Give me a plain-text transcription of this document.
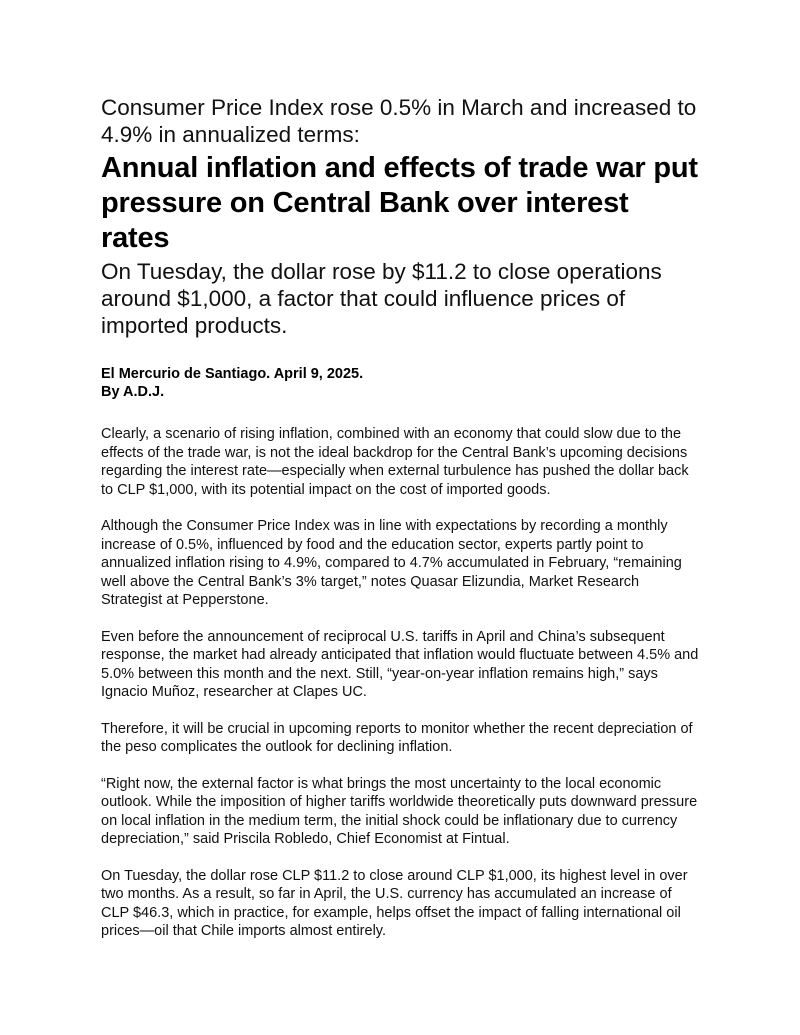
Consumer Price Index rose 0.5% in March and increased to 4.9% in annualized terms:

Annual inflation and effects of trade war put pressure on Central Bank over interest rates

On Tuesday, the dollar rose by $11.2 to close operations around $1,000, a factor that could influence prices of imported products.

El Mercurio de Santiago. April 9, 2025.
By A.D.J.

Clearly, a scenario of rising inflation, combined with an economy that could slow due to the effects of the trade war, is not the ideal backdrop for the Central Bank’s upcoming decisions regarding the interest rate—especially when external turbulence has pushed the dollar back to CLP $1,000, with its potential impact on the cost of imported goods.

Although the Consumer Price Index was in line with expectations by recording a monthly increase of 0.5%, influenced by food and the education sector, experts partly point to annualized inflation rising to 4.9%, compared to 4.7% accumulated in February, “remaining well above the Central Bank’s 3% target,” notes Quasar Elizundia, Market Research Strategist at Pepperstone.

Even before the announcement of reciprocal U.S. tariffs in April and China’s subsequent response, the market had already anticipated that inflation would fluctuate between 4.5% and 5.0% between this month and the next. Still, “year-on-year inflation remains high,” says Ignacio Muñoz, researcher at Clapes UC.

Therefore, it will be crucial in upcoming reports to monitor whether the recent depreciation of the peso complicates the outlook for declining inflation.

“Right now, the external factor is what brings the most uncertainty to the local economic outlook. While the imposition of higher tariffs worldwide theoretically puts downward pressure on local inflation in the medium term, the initial shock could be inflationary due to currency depreciation,” said Priscila Robledo, Chief Economist at Fintual.

On Tuesday, the dollar rose CLP $11.2 to close around CLP $1,000, its highest level in over two months. As a result, so far in April, the U.S. currency has accumulated an increase of CLP $46.3, which in practice, for example, helps offset the impact of falling international oil prices—oil that Chile imports almost entirely.
